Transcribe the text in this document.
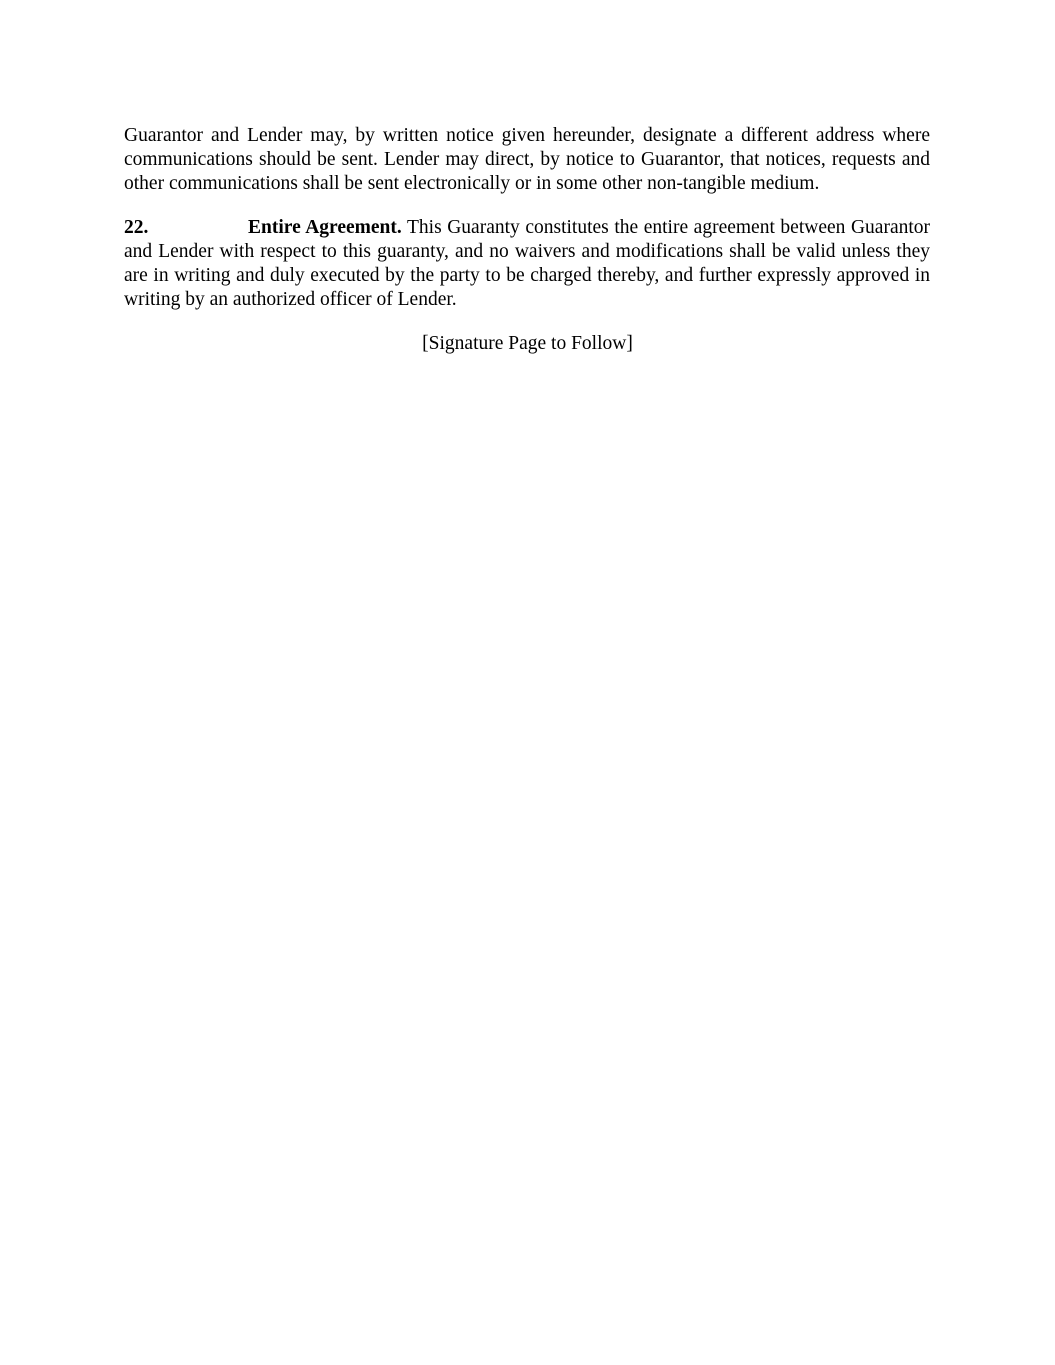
Guarantor and Lender may, by written notice given hereunder, designate a different address where communications should be sent. Lender may direct, by notice to Guarantor, that notices, requests and other communications shall be sent electronically or in some other non-tangible medium.

22.	Entire Agreement. This Guaranty constitutes the entire agreement between Guarantor and Lender with respect to this guaranty, and no waivers and modifications shall be valid unless they are in writing and duly executed by the party to be charged thereby, and further expressly approved in writing by an authorized officer of Lender.

[Signature Page to Follow]
